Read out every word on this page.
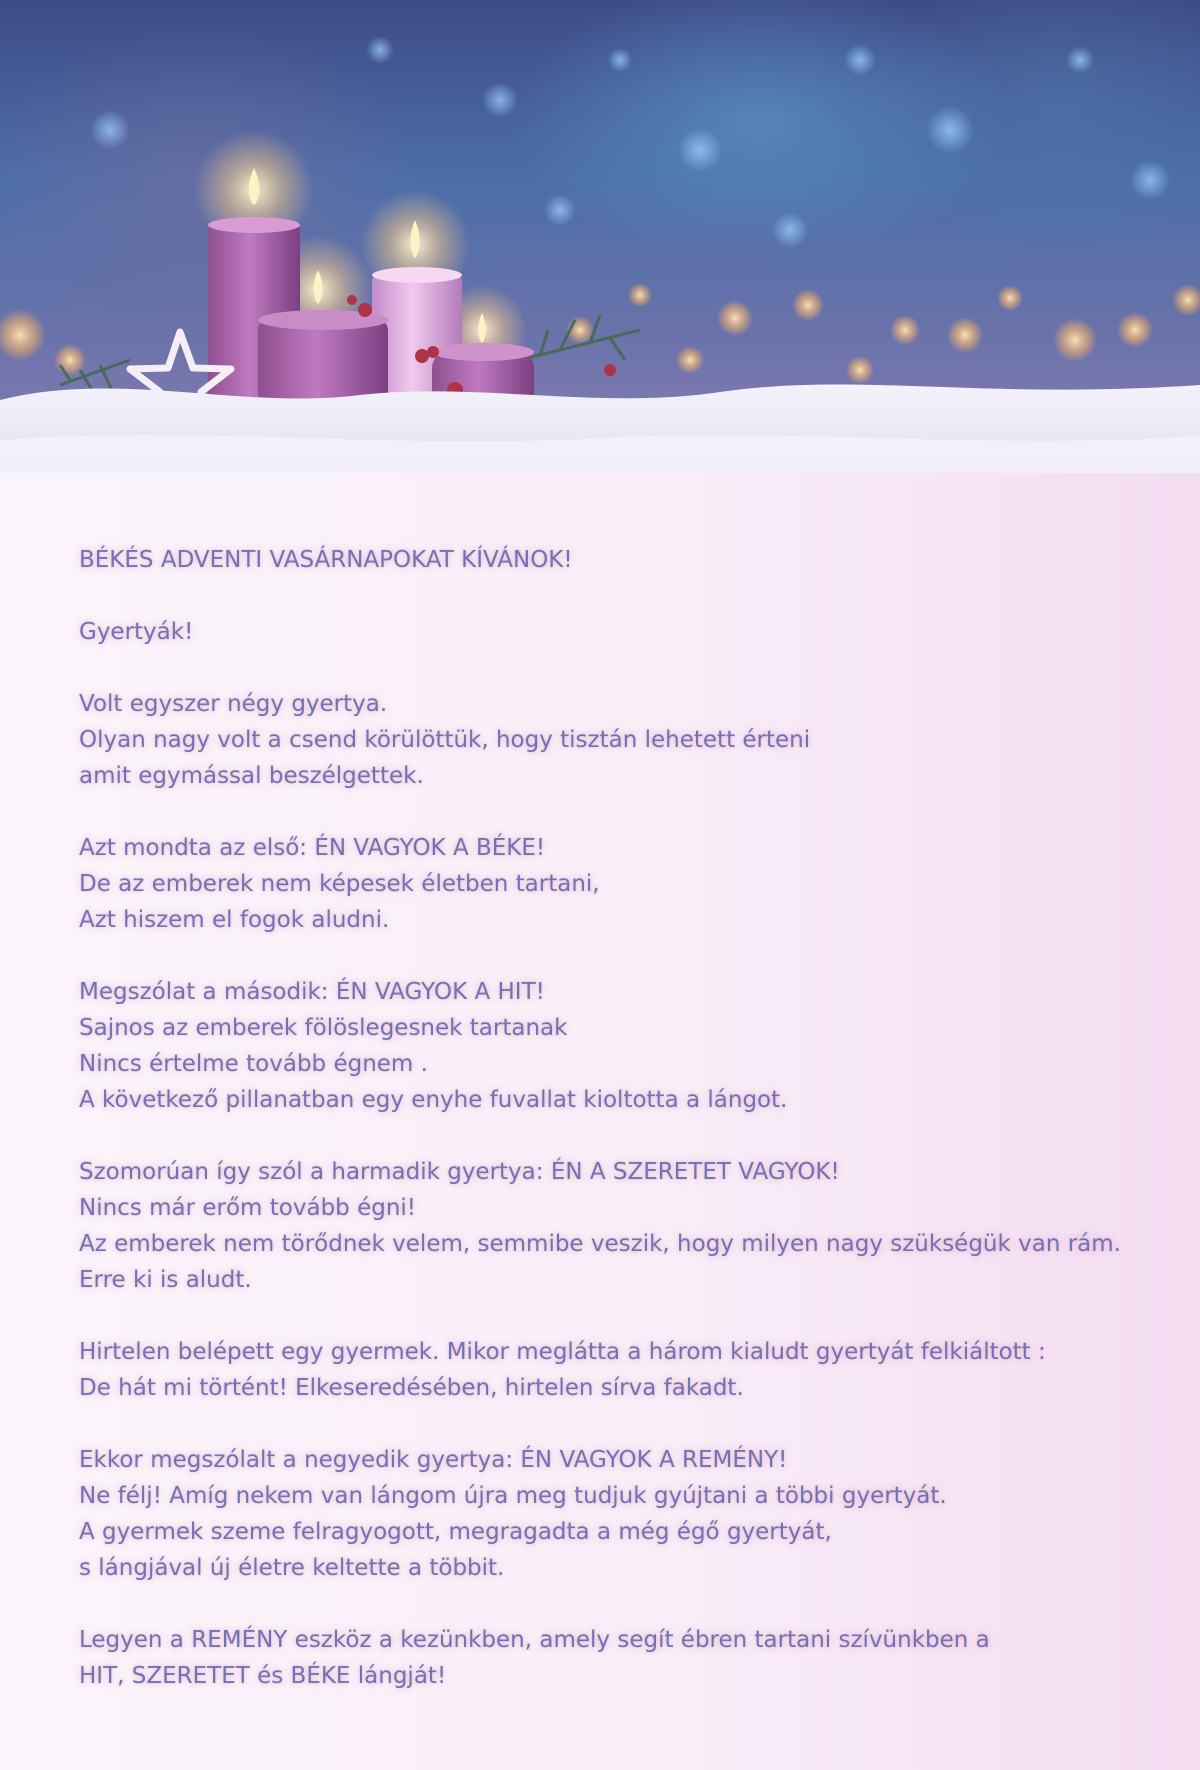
BÉKÉS ADVENTI VASÁRNAPOKAT KÍVÁNOK!
Gyertyák!
Volt egyszer négy gyertya.
Olyan nagy volt a csend körülöttük, hogy tisztán lehetett érteni
amit egymással beszélgettek.
Azt mondta az első: ÉN VAGYOK A BÉKE!
De az emberek nem képesek életben tartani,
Azt hiszem el fogok aludni.
Megszólat a második: ÉN VAGYOK A HIT!
Sajnos az emberek fölöslegesnek tartanak
Nincs értelme tovább égnem .
A következő pillanatban egy enyhe fuvallat kioltotta a lángot.
Szomorúan így szól a harmadik gyertya: ÉN A SZERETET VAGYOK!
Nincs már erőm tovább égni!
Az emberek nem törődnek velem, semmibe veszik, hogy milyen nagy szükségük van rám.
Erre ki is aludt.
Hirtelen belépett egy gyermek. Mikor meglátta a három kialudt gyertyát felkiáltott :
De hát mi történt! Elkeseredésében, hirtelen sírva fakadt.
Ekkor megszólalt a negyedik gyertya: ÉN VAGYOK A REMÉNY!
Ne félj! Amíg nekem van lángom újra meg tudjuk gyújtani a többi gyertyát.
A gyermek szeme felragyogott, megragadta a még égő gyertyát,
s lángjával új életre keltette a többit.
Legyen a REMÉNY eszköz a kezünkben, amely segít ébren tartani szívünkben a
HIT, SZERETET és BÉKE lángját!
